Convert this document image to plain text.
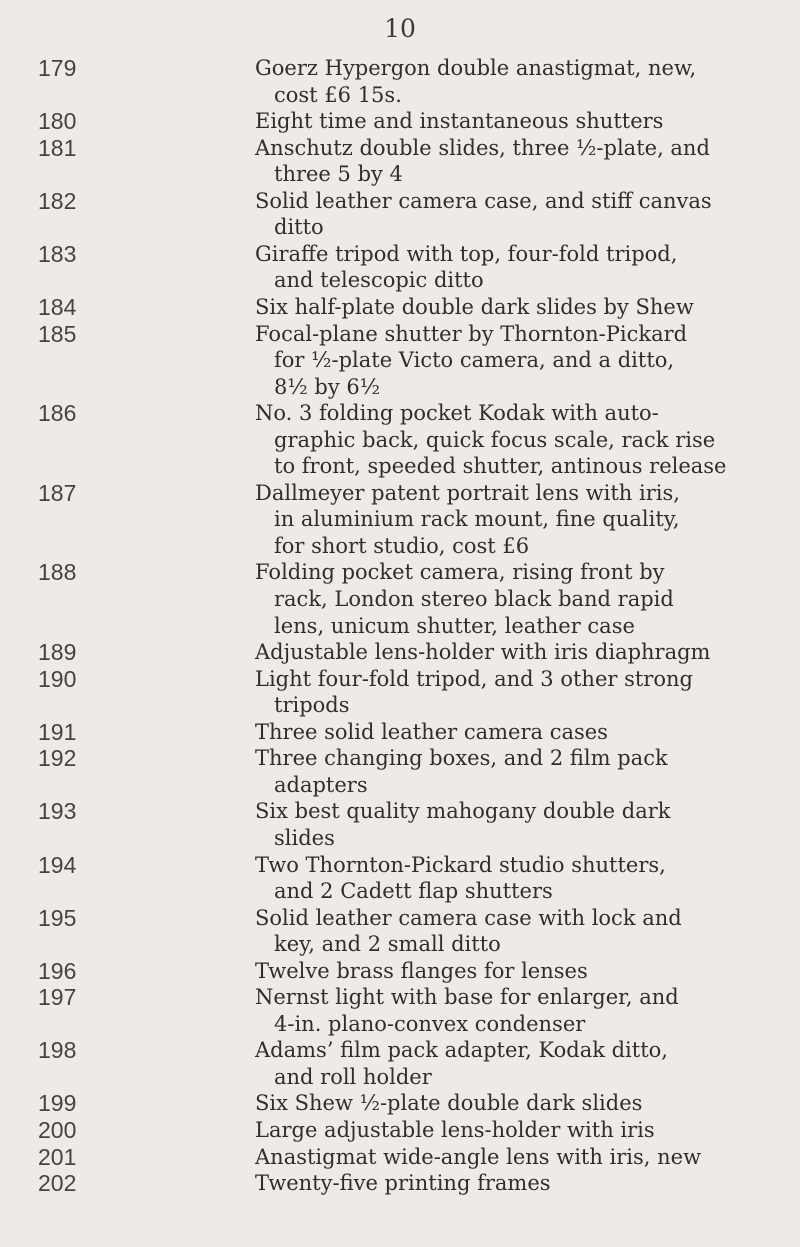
10
179	Goerz Hypergon double anastigmat, new,
cost £6 15s.
180	Eight time and instantaneous shutters
181	Anschutz double slides, three ½-plate, and
three 5 by 4
182	Solid leather camera case, and stiff canvas
ditto
183	Giraffe tripod with top, four-fold tripod,
and telescopic ditto
184	Six half-plate double dark slides by Shew
185	Focal-plane shutter by Thornton-Pickard
for ½-plate Victo camera, and a ditto,
8½ by 6½
186	No. 3 folding pocket Kodak with auto-
graphic back, quick focus scale, rack rise
to front, speeded shutter, antinous release
187	Dallmeyer patent portrait lens with iris,
in aluminium rack mount, fine quality,
for short studio, cost £6
188	Folding pocket camera, rising front by
rack, London stereo black band rapid
lens, unicum shutter, leather case
189	Adjustable lens-holder with iris diaphragm
190	Light four-fold tripod, and 3 other strong
tripods
191	Three solid leather camera cases
192	Three changing boxes, and 2 film pack
adapters
193	Six best quality mahogany double dark
slides
194	Two Thornton-Pickard studio shutters,
and 2 Cadett flap shutters
195	Solid leather camera case with lock and
key, and 2 small ditto
196	Twelve brass flanges for lenses
197	Nernst light with base for enlarger, and
4-in. plano-convex condenser
198	Adams’ film pack adapter, Kodak ditto,
and roll holder
199	Six Shew ½-plate double dark slides
200	Large adjustable lens-holder with iris
201	Anastigmat wide-angle lens with iris, new
202	Twenty-five printing frames
